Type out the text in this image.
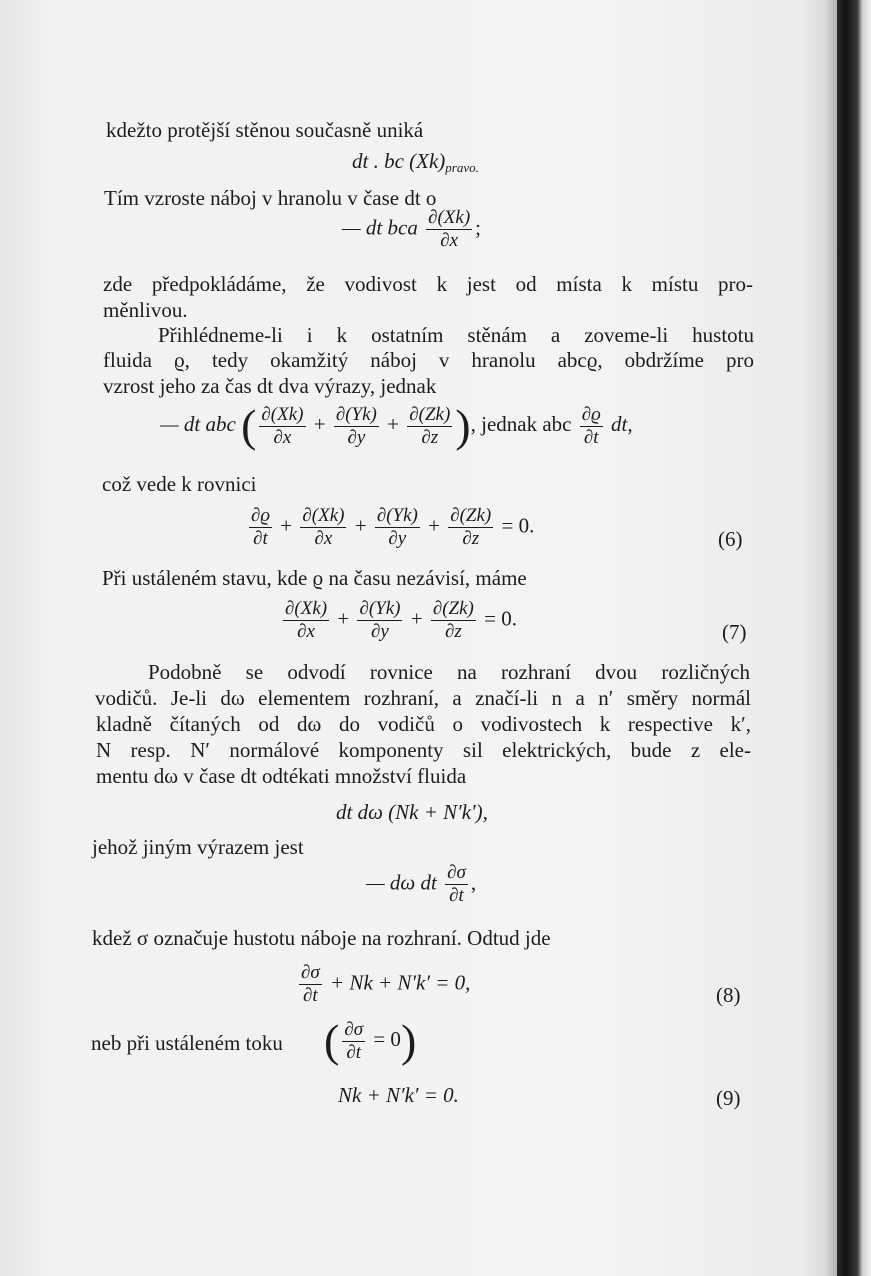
kdežto protější stěnou současně uniká
dt . bc $(Xk)_{pravo.}$
Tím vzroste náboj v hranolu v čase dt o
— dt bca $\frac{\partial(Xk)}{\partial x}$ ;
zde předpokládáme, že vodivost k jest od místa k místu pro-
měnlivou.
Přihlédneme-li i k ostatním stěnám a zoveme-li hustotu
fluida ϱ, tedy okamžitý náboj v hranolu abcϱ, obdržíme pro
vzrost jeho za čas dt dva výrazy, jednak
— dt abc ( $\frac{\partial(Xk)}{\partial x} + \frac{\partial(Yk)}{\partial y} + \frac{\partial(Zk)}{\partial z}$ ), jednak abc $\frac{\partial ϱ}{\partial t}$ dt,
což vede k rovnici
$\frac{\partial ϱ}{\partial t} + \frac{\partial(Xk)}{\partial x} + \frac{\partial(Yk)}{\partial y} + \frac{\partial(Zk)}{\partial z} = 0$.
(6)
Při ustáleném stavu, kde ϱ na času nezávisí, máme
$\frac{\partial(Xk)}{\partial x} + \frac{\partial(Yk)}{\partial y} + \frac{\partial(Zk)}{\partial z} = 0$.
(7)
Podobně se odvodí rovnice na rozhraní dvou rozličných
vodičů. Je-li dω elementem rozhraní, a značí-li n a n′ směry normál
kladně čítaných od dω do vodičů o vodivostech k respective k′,
N resp. N′ normálové komponenty sil elektrických, bude z ele-
mentu dω v čase dt odtékati množství fluida
dt dω (Nk + N′k′),
jehož jiným výrazem jest
— dω dt $\frac{\partial\sigma}{\partial t}$ ,
kdež σ označuje hustotu náboje na rozhraní. Odtud jde
$\frac{\partial\sigma}{\partial t} + Nk + N'k' = 0$,
(8)
neb při ustáleném toku ( $\frac{\partial\sigma}{\partial t} = 0$)
Nk + N′k′ = 0.	(9)
